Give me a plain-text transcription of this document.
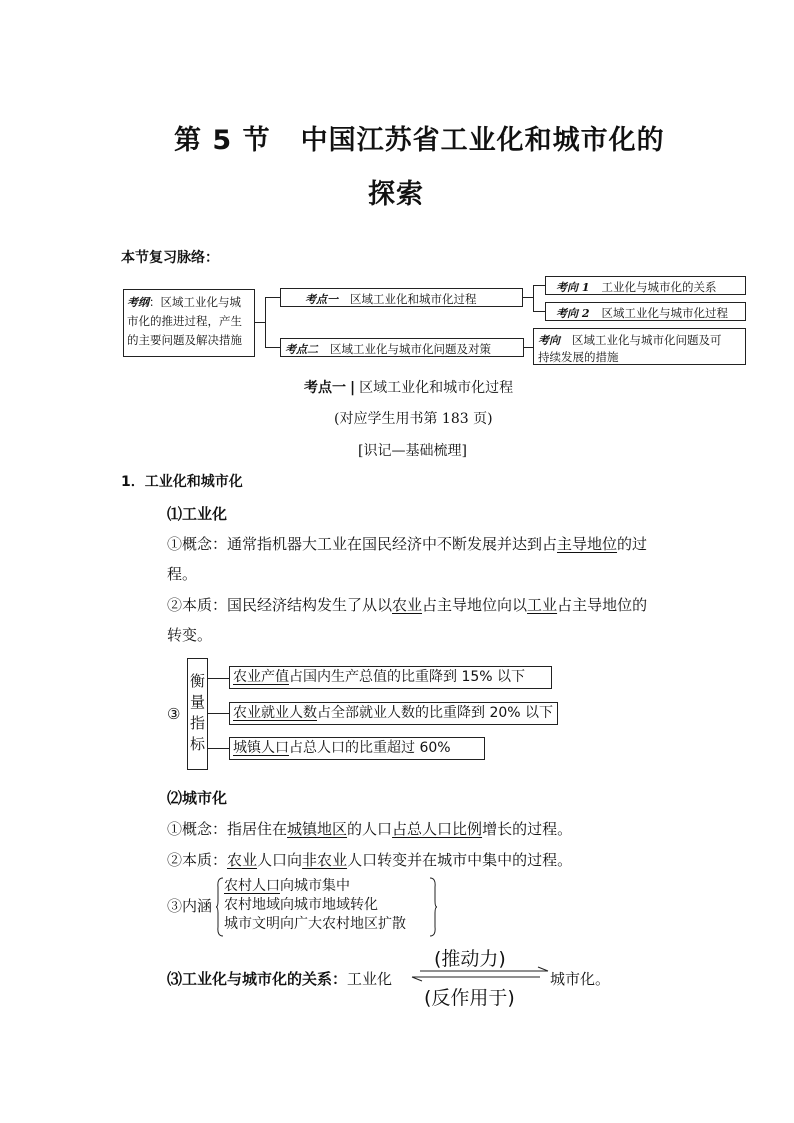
第 5 节 中国江苏省工业化和城市化的
探索
本节复习脉络：
考纲：区域工业化与城
市化的推进过程，产生
的主要问题及解决措施
考点一 区域工业化和城市化过程
考点二 区域工业化与城市化问题及对策
考向 1 工业化与城市化的关系
考向 2 区域工业化与城市化过程
考向 区域工业化与城市化问题及可
持续发展的措施
考点一 | 区域工业化和城市化过程
(对应学生用书第 183 页)
[识记—基础梳理]
1．工业化和城市化
⑴工业化
①概念：通常指机器大工业在国民经济中不断发展并达到占主导地位的过
程。
②本质：国民经济结构发生了从以农业占主导地位向以工业占主导地位的
转变。
③
衡
量
指
标
农业产值占国内生产总值的比重降到 15% 以下
农业就业人数占全部就业人数的比重降到 20% 以下
城镇人口占总人口的比重超过 60%
⑵城市化
①概念：指居住在城镇地区的人口占总人口比例增长的过程。
②本质：农业人口向非农业人口转变并在城市中集中的过程。
③内涵
农村人口向城市集中
农村地域向城市地域转化
城市文明向广大农村地区扩散
⑶工业化与城市化的关系：工业化
(推动力)
城市化。
(反作用于)
